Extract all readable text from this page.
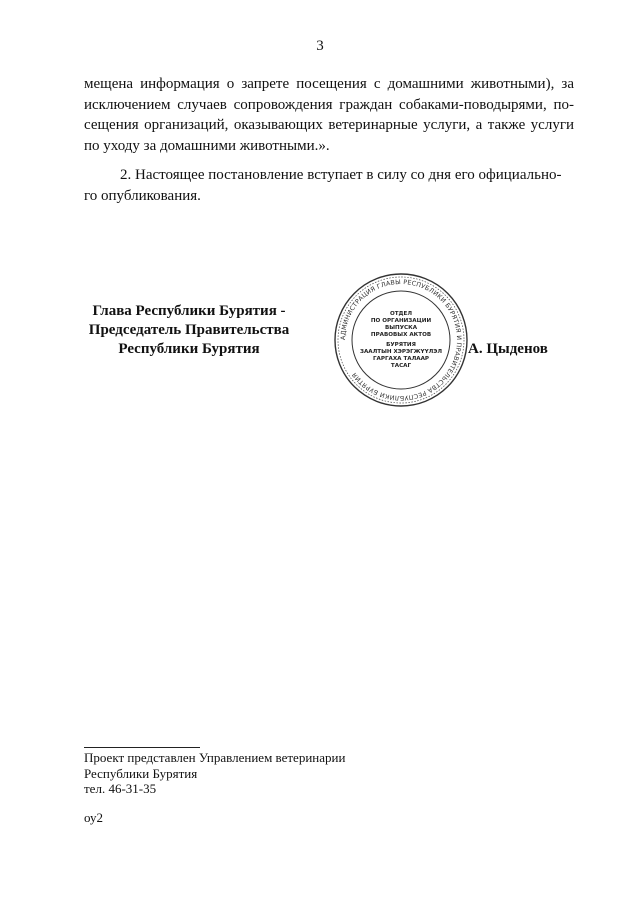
3
мещена информация о запрете посещения с домашними животными), за
исключением случаев сопровождения граждан собаками-поводырями, по-
сещения организаций, оказывающих ветеринарные услуги, а также услуги
по уходу за домашними животными.».
2. Настоящее постановление вступает в силу со дня его официально-
го опубликования.
Глава Республики Бурятия -
Председатель Правительства
Республики Бурятия
АДМИНИСТРАЦИЯ ГЛАВЫ РЕСПУБЛИКИ БУРЯТИЯ И ПРАВИТЕЛЬСТВА РЕСПУБЛИКИ БУРЯТИЯ
ОТДЕЛ
ПО ОРГАНИЗАЦИИ
ВЫПУСКА
ПРАВОВЫХ АКТОВ
БУРЯТИЯ
ЗААЛТЫН ХЭРЭГЖҮҮЛЭЛ
ГАРГАХА ТАЛААР
ТАСАГ
А. Цыденов
Проект представлен Управлением ветеринарии
Республики Бурятия
тел. 46-31-35
оу2
